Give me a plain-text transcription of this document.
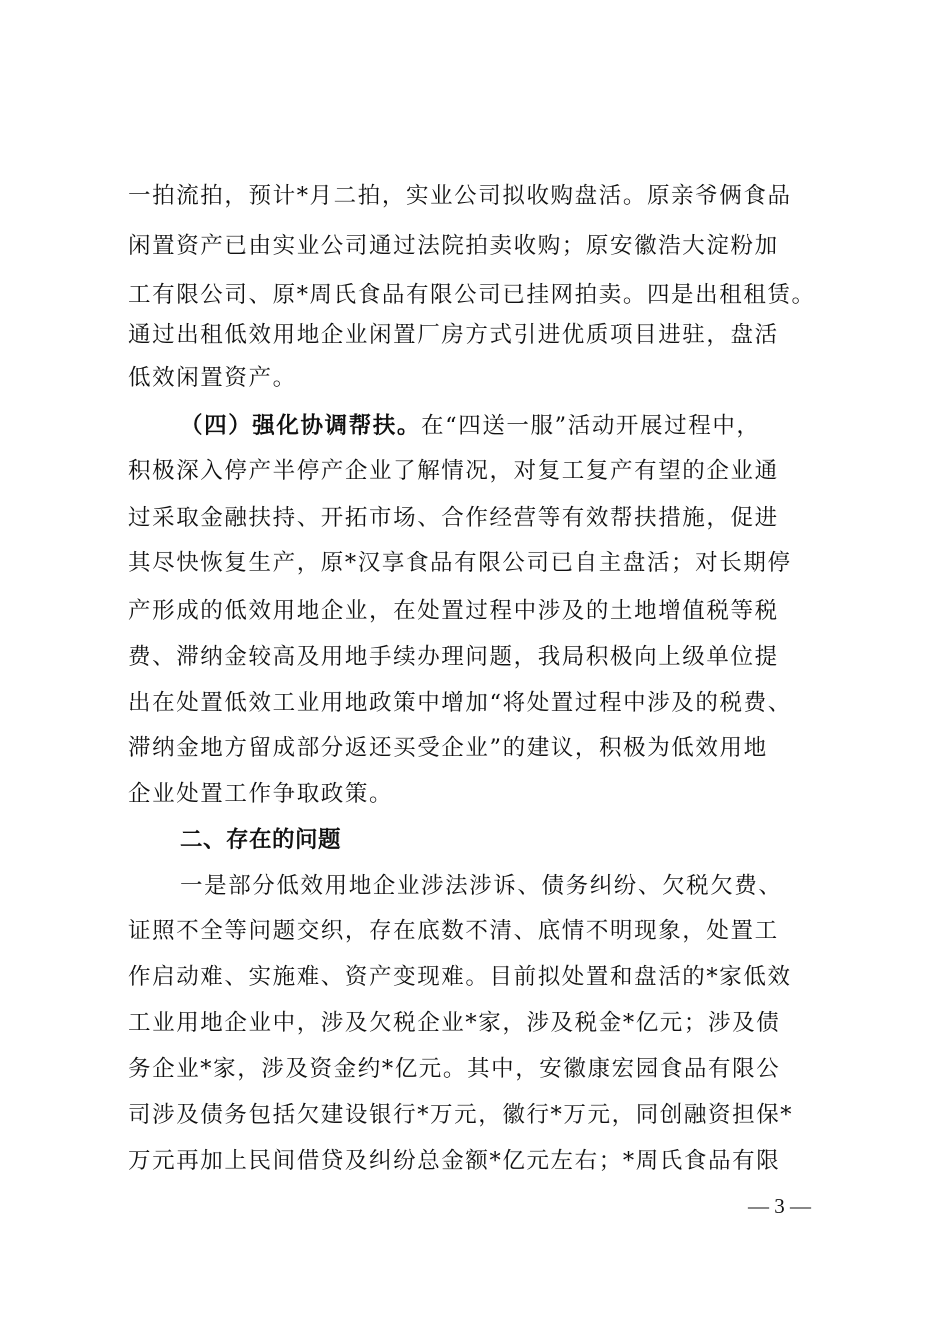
一拍流拍，预计*月二拍，实业公司拟收购盘活。原亲爷俩食品
闲置资产已由实业公司通过法院拍卖收购；原安徽浩大淀粉加
工有限公司、原*周氏食品有限公司已挂网拍卖。四是出租租赁。
通过出租低效用地企业闲置厂房方式引进优质项目进驻，盘活
低效闲置资产。
（四）强化协调帮扶。在“四送一服”活动开展过程中，
积极深入停产半停产企业了解情况，对复工复产有望的企业通
过采取金融扶持、开拓市场、合作经营等有效帮扶措施，促进
其尽快恢复生产，原*汉享食品有限公司已自主盘活；对长期停
产形成的低效用地企业，在处置过程中涉及的土地增值税等税
费、滞纳金较高及用地手续办理问题，我局积极向上级单位提
出在处置低效工业用地政策中增加“将处置过程中涉及的税费、
滞纳金地方留成部分返还买受企业”的建议，积极为低效用地
企业处置工作争取政策。
二、存在的问题
一是部分低效用地企业涉法涉诉、债务纠纷、欠税欠费、
证照不全等问题交织，存在底数不清、底情不明现象，处置工
作启动难、实施难、资产变现难。目前拟处置和盘活的*家低效
工业用地企业中，涉及欠税企业*家，涉及税金*亿元；涉及债
务企业*家，涉及资金约*亿元。其中，安徽康宏园食品有限公
司涉及债务包括欠建设银行*万元，徽行*万元，同创融资担保*
万元再加上民间借贷及纠纷总金额*亿元左右；*周氏食品有限
— 3 —
